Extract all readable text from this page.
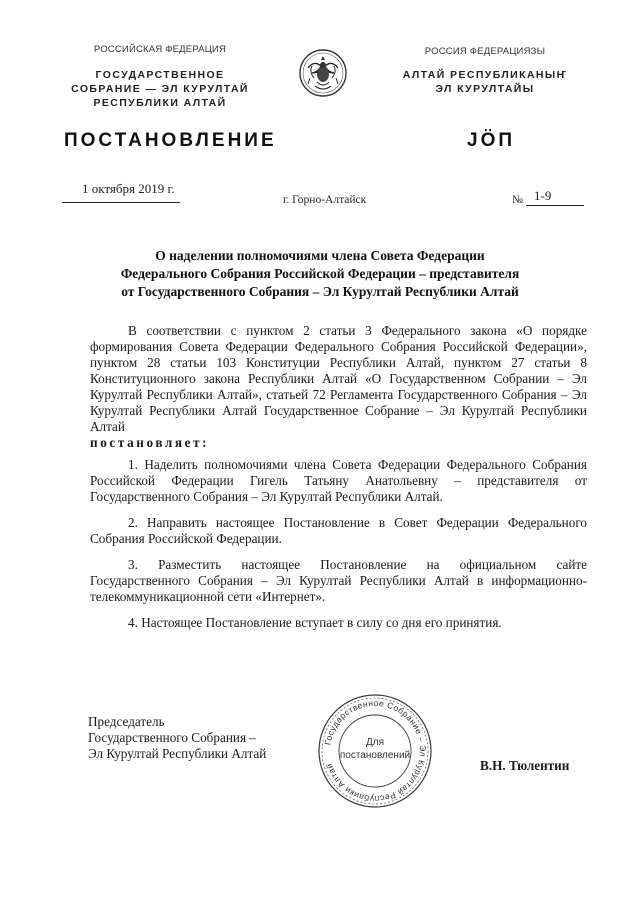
РОССИЙСКАЯ ФЕДЕРАЦИЯ
ГОСУДАРСТВЕННОЕ
СОБРАНИЕ — ЭЛ КУРУЛТАЙ
РЕСПУБЛИКИ АЛТАЙ
РОССИЯ ФЕДЕРАЦИЯЗЫ
АЛТАЙ РЕСПУБЛИКАНЫҤ
ЭЛ КУРУЛТАЙЫ
ПОСТАНОВЛЕНИЕ	JÖП
1 октября 2019 г.
г. Горно-Алтайск	№ 1-9
О наделении полномочиями члена Совета Федерации
Федерального Собрания Российской Федерации – представителя
от Государственного Собрания – Эл Курултай Республики Алтай

В соответствии с пунктом 2 статьи 3 Федерального закона «О порядке формирования Совета Федерации Федерального Собрания Российской Федерации», пунктом 28 статьи 103 Конституции Республики Алтай, пунктом 27 статьи 8 Конституционного закона Республики Алтай «О Государственном Собрании – Эл Курултай Республики Алтай», статьей 72 Регламента Государственного Собрания – Эл Курултай Республики Алтай Государственное Собрание – Эл Курултай Республики Алтай

постановляет:

1. Наделить полномочиями члена Совета Федерации Федерального Собрания Российской Федерации Гигель Татьяну Анатольевну – представителя от Государственного Собрания – Эл Курултай Республики Алтай.

2. Направить настоящее Постановление в Совет Федерации Федерального Собрания Российской Федерации.

3. Разместить настоящее Постановление на официальном сайте Государственного Собрания – Эл Курултай Республики Алтай в информационно-телекоммуникационной сети «Интернет».

4. Настоящее Постановление вступает в силу со дня его принятия.

Председатель
Государственного Собрания –
Эл Курултай Республики Алтай
Государственное Собрание – Эл Курултай Республики Алтай
Для
постановлений
В.Н. Тюлентин
